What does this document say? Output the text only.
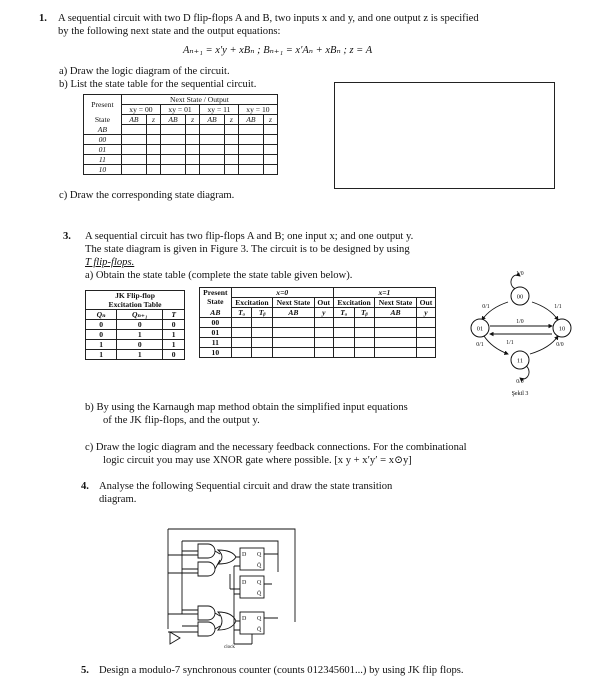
1. A sequential circuit with two D flip-flops A and B, two inputs x and y, and one output z is specified
by the following next state and the output equations:
Aₙ₊₁ = x′y + xBₙ ; Bₙ₊₁ = x′Aₙ + xBₙ ; z = A
a) Draw the logic diagram of the circuit.
b) List the state table for the sequential circuit.
Present	Next State / Output							
	xy = 00		xy = 01		xy = 11		xy = 10	
State	AB	z	AB	z	AB	z	AB	z
AB								
00								
01								
11								
10								
c) Draw the corresponding state diagram.
3. A sequential circuit has two flip-flops A and B; one input x; and one output y.
The state diagram is given in Figure 3. The circuit is to be designed by using
T flip-flops.
a) Obtain the state table (complete the state table given below).
JK Flip-flop		
Excitation Table		
Qₙ	Qₙ₊₁	T
0	0	0
0	1	1
1	0	1
1	1	0
Present
State	x=0				x=1			
	Excitation		Next State	Out	Excitation		Next State	Out
AB	Tₐ	Tᵦ	AB	y	Tₐ	Tᵦ	AB	y
00								
01								
11								
10								
00
01	10
11
1/0
0/1	1/1
1/0
1/1
0/1	0/0
0/0
Şekil 3
b) By using the Karnaugh map method obtain the simplified input equations
of the JK flip-flops, and the output y.
c) Draw the logic diagram and the necessary feedback connections. For the combinational
logic circuit you may use XNOR gate where possible. [x y + x′y′ = x⊙y]
4. Analyse the following Sequential circuit and draw the state transition
diagram.
D Q
Q̄
D Q
Q̄
D Q
Q̄
clock
5. Design a modulo-7 synchronous counter (counts 012345601...) by using JK flip flops.
